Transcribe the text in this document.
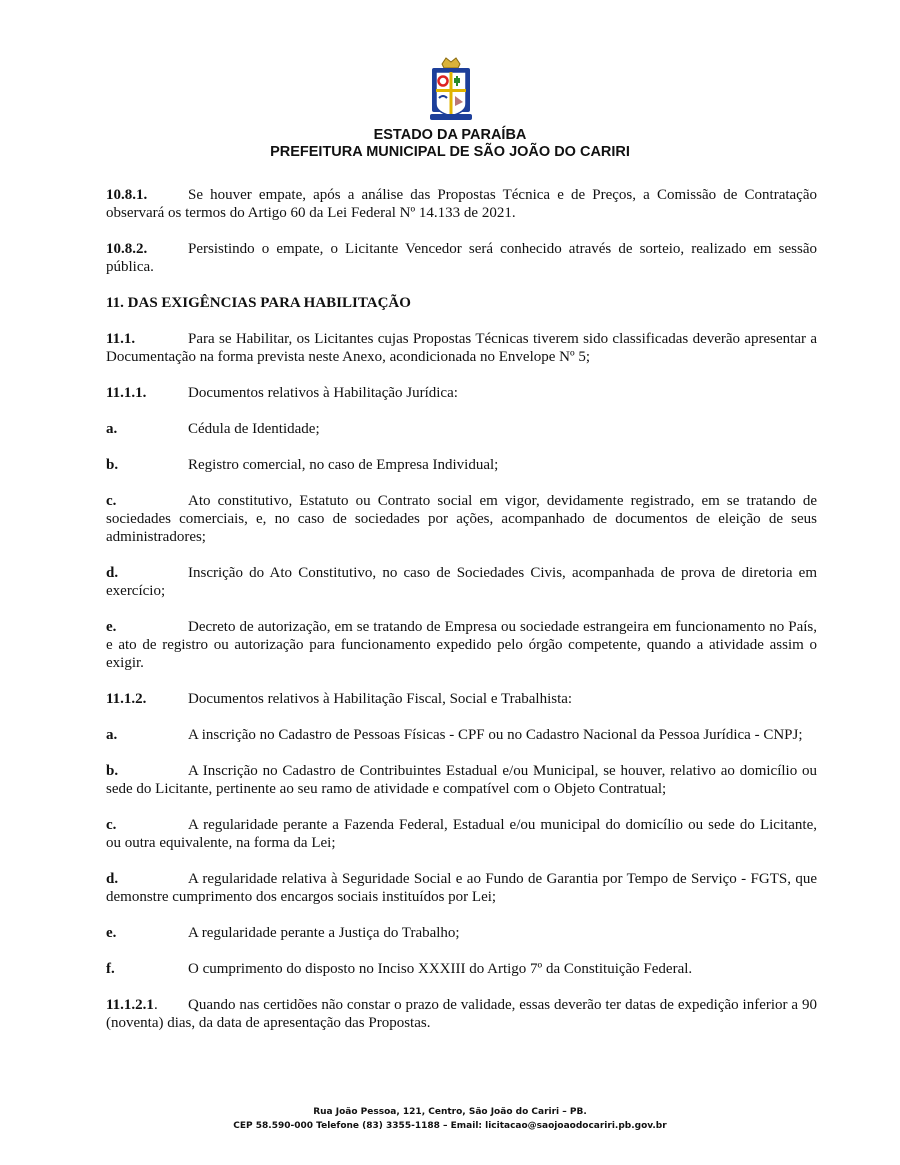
ESTADO DA PARAÍBA
PREFEITURA MUNICIPAL DE SÃO JOÃO DO CARIRI

10.8.1.	Se houver empate, após a análise das Propostas Técnica e de Preços, a Comissão de Contratação observará os termos do Artigo 60 da Lei Federal Nº 14.133 de 2021.

10.8.2.	Persistindo o empate, o Licitante Vencedor será conhecido através de sorteio, realizado em sessão pública.

11. DAS EXIGÊNCIAS PARA HABILITAÇÃO

11.1.	Para se Habilitar, os Licitantes cujas Propostas Técnicas tiverem sido classificadas deverão apresentar a Documentação na forma prevista neste Anexo, acondicionada no Envelope Nº 5;

11.1.1.	Documentos relativos à Habilitação Jurídica:

a.	Cédula de Identidade;

b.	Registro comercial, no caso de Empresa Individual;

c.	Ato constitutivo, Estatuto ou Contrato social em vigor, devidamente registrado, em se tratando de sociedades comerciais, e, no caso de sociedades por ações, acompanhado de documentos de eleição de seus administradores;

d.	Inscrição do Ato Constitutivo, no caso de Sociedades Civis, acompanhada de prova de diretoria em exercício;

e.	Decreto de autorização, em se tratando de Empresa ou sociedade estrangeira em funcionamento no País, e ato de registro ou autorização para funcionamento expedido pelo órgão competente, quando a atividade assim o exigir.

11.1.2.	Documentos relativos à Habilitação Fiscal, Social e Trabalhista:

a.	A inscrição no Cadastro de Pessoas Físicas - CPF ou no Cadastro Nacional da Pessoa Jurídica - CNPJ;

b.	A Inscrição no Cadastro de Contribuintes Estadual e/ou Municipal, se houver, relativo ao domicílio ou sede do Licitante, pertinente ao seu ramo de atividade e compatível com o Objeto Contratual;

c.	A regularidade perante a Fazenda Federal, Estadual e/ou municipal do domicílio ou sede do Licitante, ou outra equivalente, na forma da Lei;

d.	A regularidade relativa à Seguridade Social e ao Fundo de Garantia por Tempo de Serviço - FGTS, que demonstre cumprimento dos encargos sociais instituídos por Lei;

e.	A regularidade perante a Justiça do Trabalho;

f.	O cumprimento do disposto no Inciso XXXIII do Artigo 7º da Constituição Federal.

11.1.2.1. Quando nas certidões não constar o prazo de validade, essas deverão ter datas de expedição inferior a 90 (noventa) dias, da data de apresentação das Propostas.

Rua João Pessoa, 121, Centro, São João do Cariri – PB.
CEP 58.590-000 Telefone (83) 3355-1188 – Email: licitacao@saojoaodocariri.pb.gov.br
